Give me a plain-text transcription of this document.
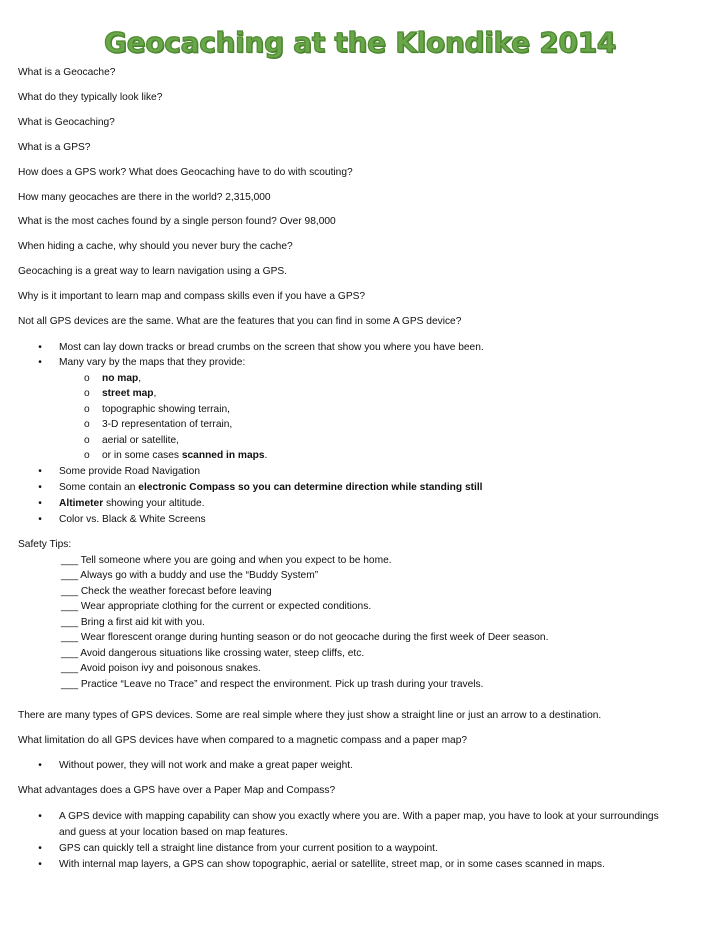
Geocaching at the Klondike 2014
What is a Geocache?
What do they typically look like?
What is Geocaching?
What is a GPS?
How does a GPS work? What does Geocaching have to do with scouting?
How many geocaches are there in the world? 2,315,000
What is the most caches found by a single person found? Over 98,000
When hiding a cache, why should you never bury the cache?
Geocaching is a great way to learn navigation using a GPS.
Why is it important to learn map and compass skills even if you have a GPS?
Not all GPS devices are the same. What are the features that you can find in some A GPS device?
• Most can lay down tracks or bread crumbs on the screen that show you where you have been.
• Many vary by the maps that they provide:
o no map,
o street map,
o topographic showing terrain,
o 3-D representation of terrain,
o aerial or satellite,
o or in some cases scanned in maps.
• Some provide Road Navigation
• Some contain an electronic Compass so you can determine direction while standing still
• Altimeter showing your altitude.
• Color vs. Black & White Screens
Safety Tips:
___ Tell someone where you are going and when you expect to be home.
___ Always go with a buddy and use the “Buddy System”
___ Check the weather forecast before leaving
___ Wear appropriate clothing for the current or expected conditions.
___ Bring a first aid kit with you.
___ Wear florescent orange during hunting season or do not geocache during the first week of Deer season.
___ Avoid dangerous situations like crossing water, steep cliffs, etc.
___ Avoid poison ivy and poisonous snakes.
___ Practice “Leave no Trace” and respect the environment. Pick up trash during your travels.
There are many types of GPS devices. Some are real simple where they just show a straight line or just an arrow to a destination.
What limitation do all GPS devices have when compared to a magnetic compass and a paper map?
• Without power, they will not work and make a great paper weight.
What advantages does a GPS have over a Paper Map and Compass?
• A GPS device with mapping capability can show you exactly where you are. With a paper map, you have to look at your surroundings
and guess at your location based on map features.
• GPS can quickly tell a straight line distance from your current position to a waypoint.
• With internal map layers, a GPS can show topographic, aerial or satellite, street map, or in some cases scanned in maps.
